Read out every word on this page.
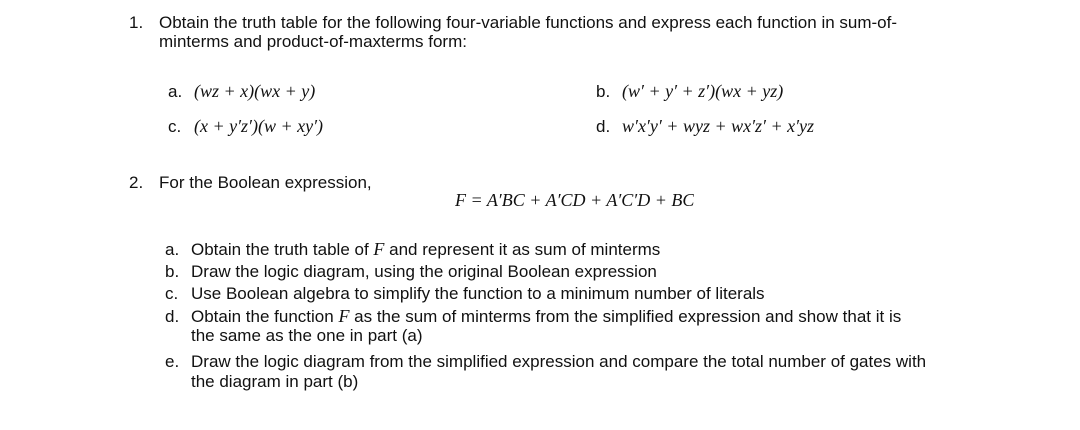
1. Obtain the truth table for the following four-variable functions and express each function in sum-of-
minterms and product-of-maxterms form:
a. (wz + x)(wx + y)	b. (w′ + y′ + z′)(wx + yz)
c. (x + y′z′)(w + xy′)	d. w′x′y′ + wyz + wx′z′ + x′yz
2. For the Boolean expression,
F = A′BC + A′CD + A′C′D + BC
a. Obtain the truth table of F and represent it as sum of minterms
b. Draw the logic diagram, using the original Boolean expression
c. Use Boolean algebra to simplify the function to a minimum number of literals
d. Obtain the function F as the sum of minterms from the simplified expression and show that it is
the same as the one in part (a)
e. Draw the logic diagram from the simplified expression and compare the total number of gates with
the diagram in part (b)
